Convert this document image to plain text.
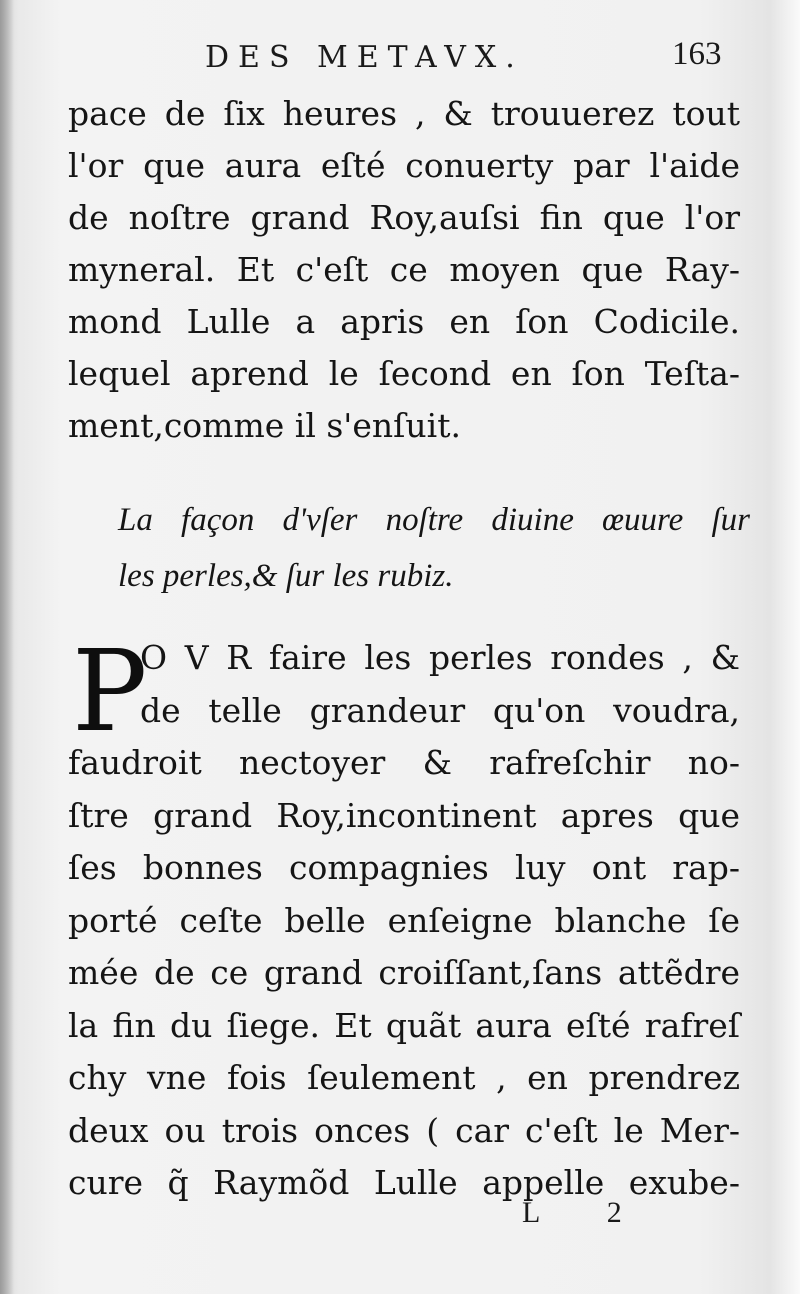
DES METAVX.	163
pace de ſix heures , & trouuerez tout
l'or que aura eſté conuerty par l'aide
de noſtre grand Roy,auſsi fin que l'or
myneral. Et c'eſt ce moyen que Ray-
mond Lulle a apris en ſon Codicile.
lequel aprend le ſecond en ſon Teſta-
ment,comme il s'enſuit.
La façon d'vſer noſtre diuine œuure ſur
les perles,& ſur les rubiz.
P
O V R faire les perles rondes , &
de telle grandeur qu'on voudra,
faudroit nectoyer & rafreſchir no-
ſtre grand Roy,incontinent apres que
ſes bonnes compagnies luy ont rap-
porté ceſte belle enſeigne blanche ſe
mée de ce grand croiſſant,ſans attẽdre
la fin du ſiege. Et quãt aura eſté rafreſ
chy vne fois ſeulement , en prendrez
deux ou trois onces ( car c'eſt le Mer-
cure q̃ Raymõd Lulle appelle exube-
L 2
